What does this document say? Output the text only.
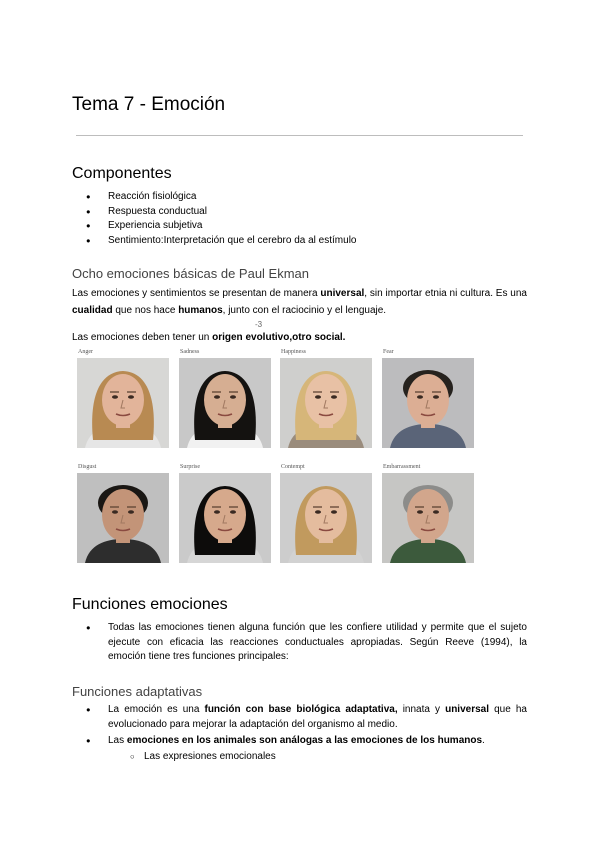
Tema 7 - Emoción
Componentes
● Reacción fisiológica
● Respuesta conductual
● Experiencia subjetiva
● Sentimiento:Interpretación que el cerebro da al estímulo
Ocho emociones básicas de Paul Ekman
Las emociones y sentimientos se presentan de manera universal, sin importar etnia ni cultura. Es una cualidad que nos hace humanos, junto con el raciocinio y el lenguaje.
-3
Las emociones deben tener un origen evolutivo,otro social.
Anger	Sadness	Happiness	Fear
Disgust	Surprise	Contempt	Embarrassment
Funciones emociones
● Todas las emociones tienen alguna función que les confiere utilidad y permite que el sujeto ejecute con eficacia las reacciones conductuales apropiadas. Según Reeve (1994), la emoción tiene tres funciones principales:
Funciones adaptativas
● La emoción es una función con base biológica adaptativa, innata y universal que ha evolucionado para mejorar la adaptación del organismo al medio.
● Las emociones en los animales son análogas a las emociones de los humanos.
○ Las expresiones emocionales
